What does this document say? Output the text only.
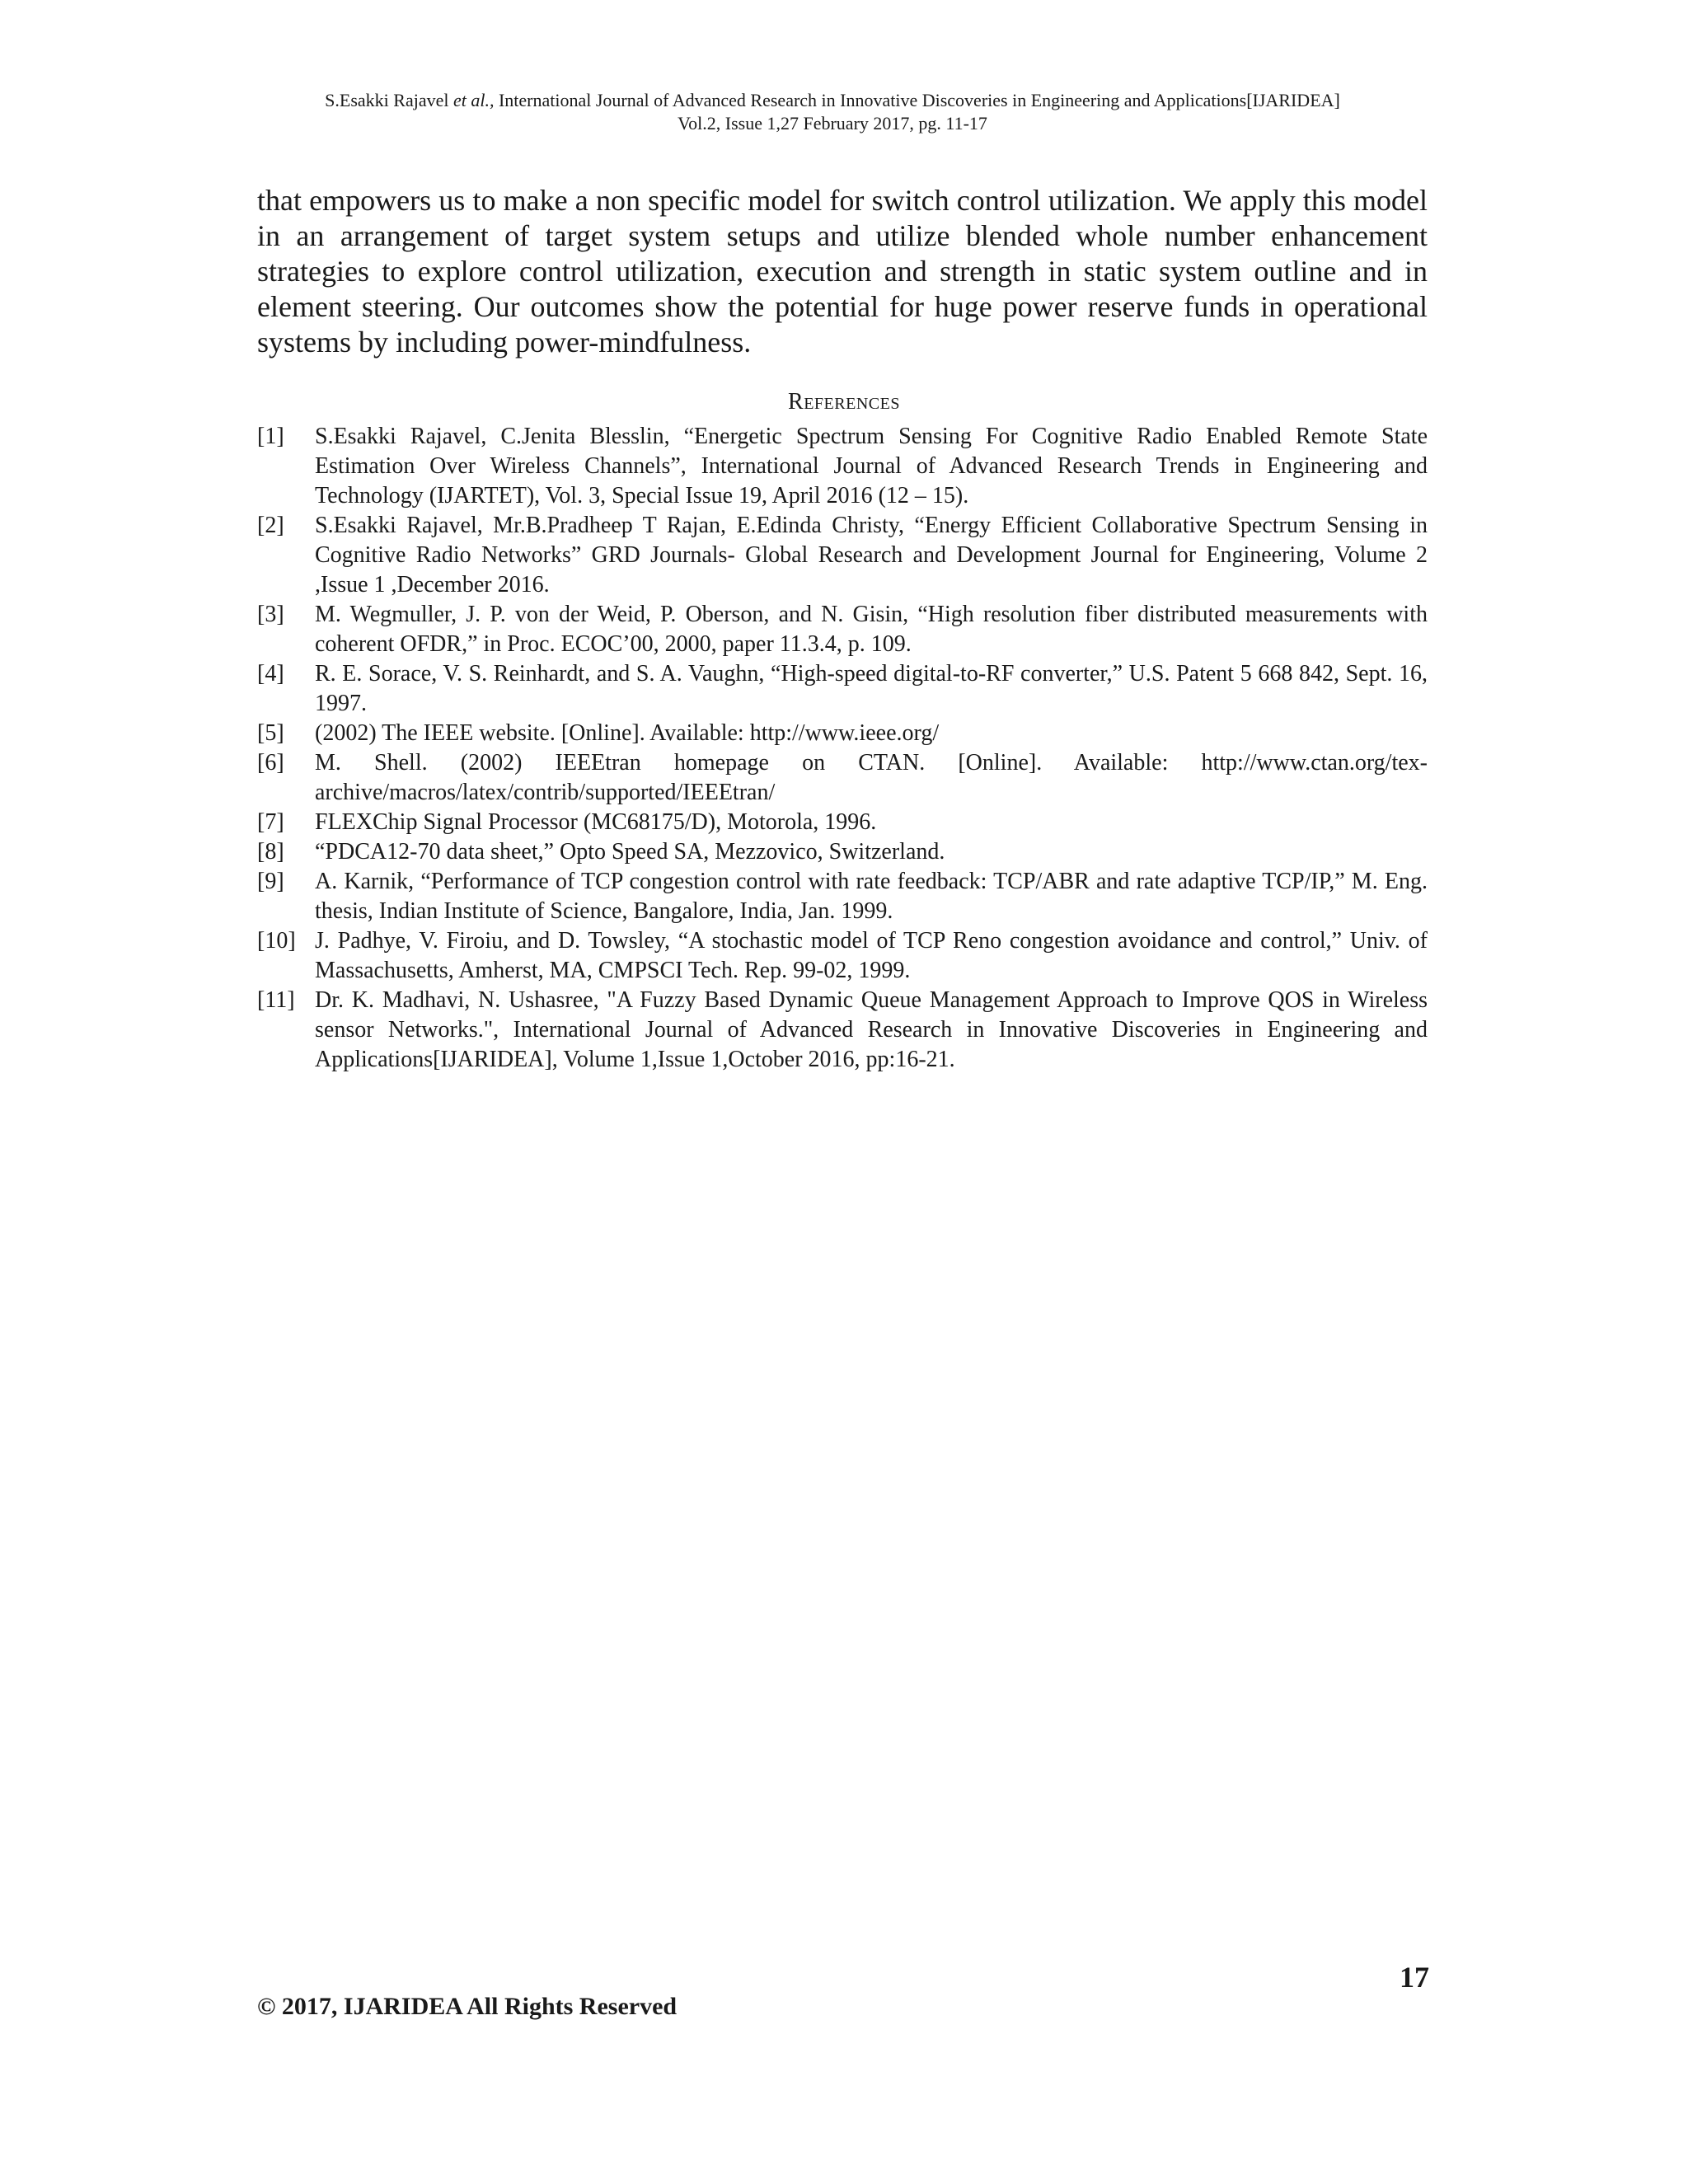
S.Esakki Rajavel et al., International Journal of Advanced Research in Innovative Discoveries in Engineering and Applications[IJARIDEA]
Vol.2, Issue 1,27 February 2017, pg. 11-17

that empowers us to make a non specific model for switch control utilization. We apply this model in an arrangement of target system setups and utilize blended whole number enhancement strategies to explore control utilization, execution and strength in static system outline and in element steering. Our outcomes show the potential for huge power reserve funds in operational systems by including power-mindfulness.

References
[1] S.Esakki Rajavel, C.Jenita Blesslin, “Energetic Spectrum Sensing For Cognitive Radio Enabled Remote State Estimation Over Wireless Channels”, International Journal of Advanced Research Trends in Engineering and Technology (IJARTET), Vol. 3, Special Issue 19, April 2016 (12 – 15).
[2] S.Esakki Rajavel, Mr.B.Pradheep T Rajan, E.Edinda Christy, “Energy Efficient Collaborative Spectrum Sensing in Cognitive Radio Networks” GRD Journals- Global Research and Development Journal for Engineering, Volume 2 ,Issue 1 ,December 2016.
[3] M. Wegmuller, J. P. von der Weid, P. Oberson, and N. Gisin, “High resolution fiber distributed measurements with coherent OFDR,” in Proc. ECOC’00, 2000, paper 11.3.4, p. 109.
[4] R. E. Sorace, V. S. Reinhardt, and S. A. Vaughn, “High-speed digital-to-RF converter,” U.S. Patent 5 668 842, Sept. 16, 1997.
[5] (2002) The IEEE website. [Online]. Available: http://www.ieee.org/
[6] M. Shell. (2002) IEEEtran homepage on CTAN. [Online]. Available: http://www.ctan.org/tex-archive/macros/latex/contrib/supported/IEEEtran/
[7] FLEXChip Signal Processor (MC68175/D), Motorola, 1996.
[8] “PDCA12-70 data sheet,” Opto Speed SA, Mezzovico, Switzerland.
[9] A. Karnik, “Performance of TCP congestion control with rate feedback: TCP/ABR and rate adaptive TCP/IP,” M. Eng. thesis, Indian Institute of Science, Bangalore, India, Jan. 1999.
[10] J. Padhye, V. Firoiu, and D. Towsley, “A stochastic model of TCP Reno congestion avoidance and control,” Univ. of Massachusetts, Amherst, MA, CMPSCI Tech. Rep. 99-02, 1999.
[11] Dr. K. Madhavi, N. Ushasree, "A Fuzzy Based Dynamic Queue Management Approach to Improve QOS in Wireless sensor Networks.", International Journal of Advanced Research in Innovative Discoveries in Engineering and Applications[IJARIDEA], Volume 1,Issue 1,October 2016, pp:16-21.
17
© 2017, IJARIDEA All Rights Reserved
